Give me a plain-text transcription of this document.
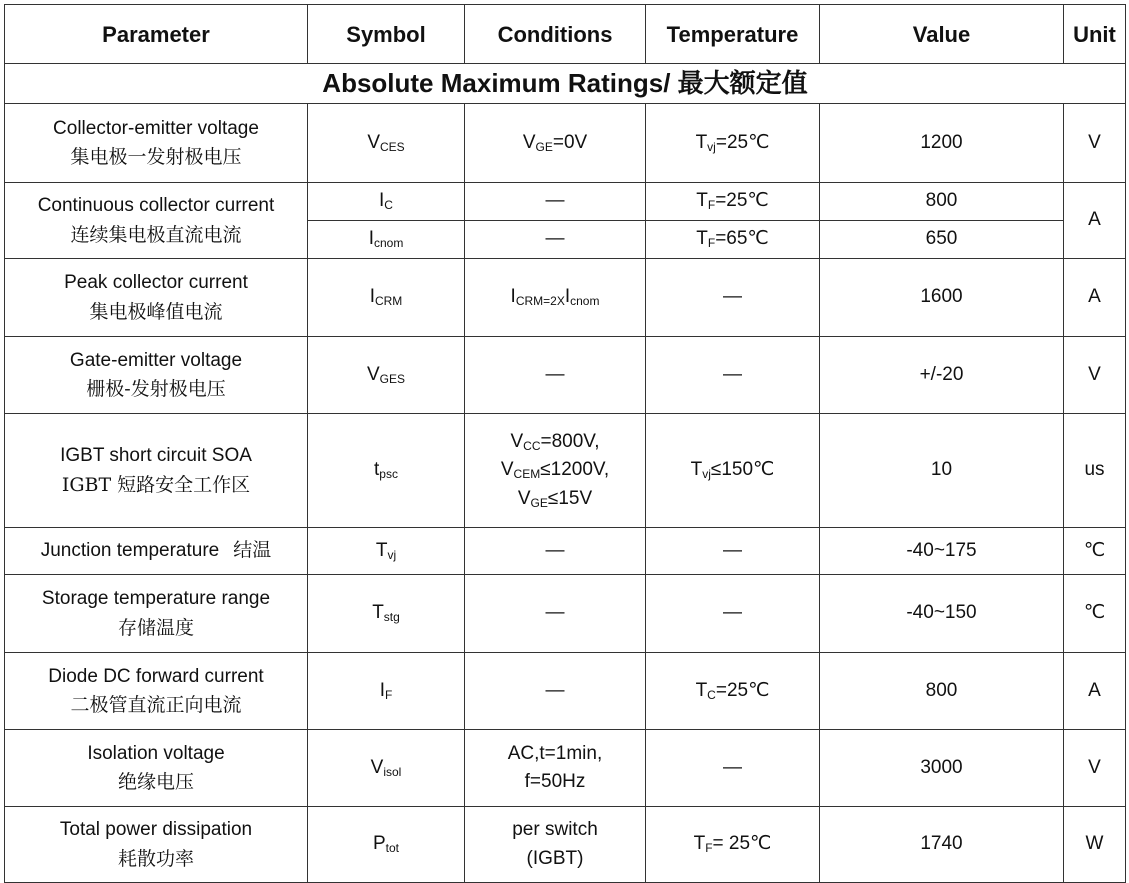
Parameter	Symbol	Conditions	Temperature	Value	Unit
Absolute Maximum Ratings/ 最大额定值					

Collector-emitter voltage
集电极一发射极电压	$V_{CES}$	$V_{GE}=0V$	$T_{vj}=25℃$	1200	V

Continuous collector current
连续集电极直流电流	$I_C$	—	$T_F=25℃$	800	A
	$I_{cnom}$	—	$T_F=65℃$	650	

Peak collector current
集电极峰值电流	$I_{CRM}$	$I_{CRM=2X}I_{cnom}$	—	1600	A

Gate-emitter voltage
栅极-发射极电压	$V_{GES}$	—	—	+/-20	V

IGBT short circuit SOA
IGBT 短路安全工作区	$t_{psc}$	$V_{CC}=800V$,
$V_{CEM}\le 1200V$,
$V_{GE}\le 15V$	$T_{vj}\le 150℃$	10	us
Junction temperature 结温	$T_{vj}$	—	—	-40~175	℃

Storage temperature range
存储温度	$T_{stg}$	—	—	-40~150	℃

Diode DC forward current
二极管直流正向电流	$I_F$	—	$T_C=25℃$	800	A

Isolation voltage
绝缘电压	$V_{isol}$	AC,t=1min,
f=50Hz	—	3000	V

Total power dissipation
耗散功率	$P_{tot}$	per switch
(IGBT)	$T_F=$ 25℃	1740	W
